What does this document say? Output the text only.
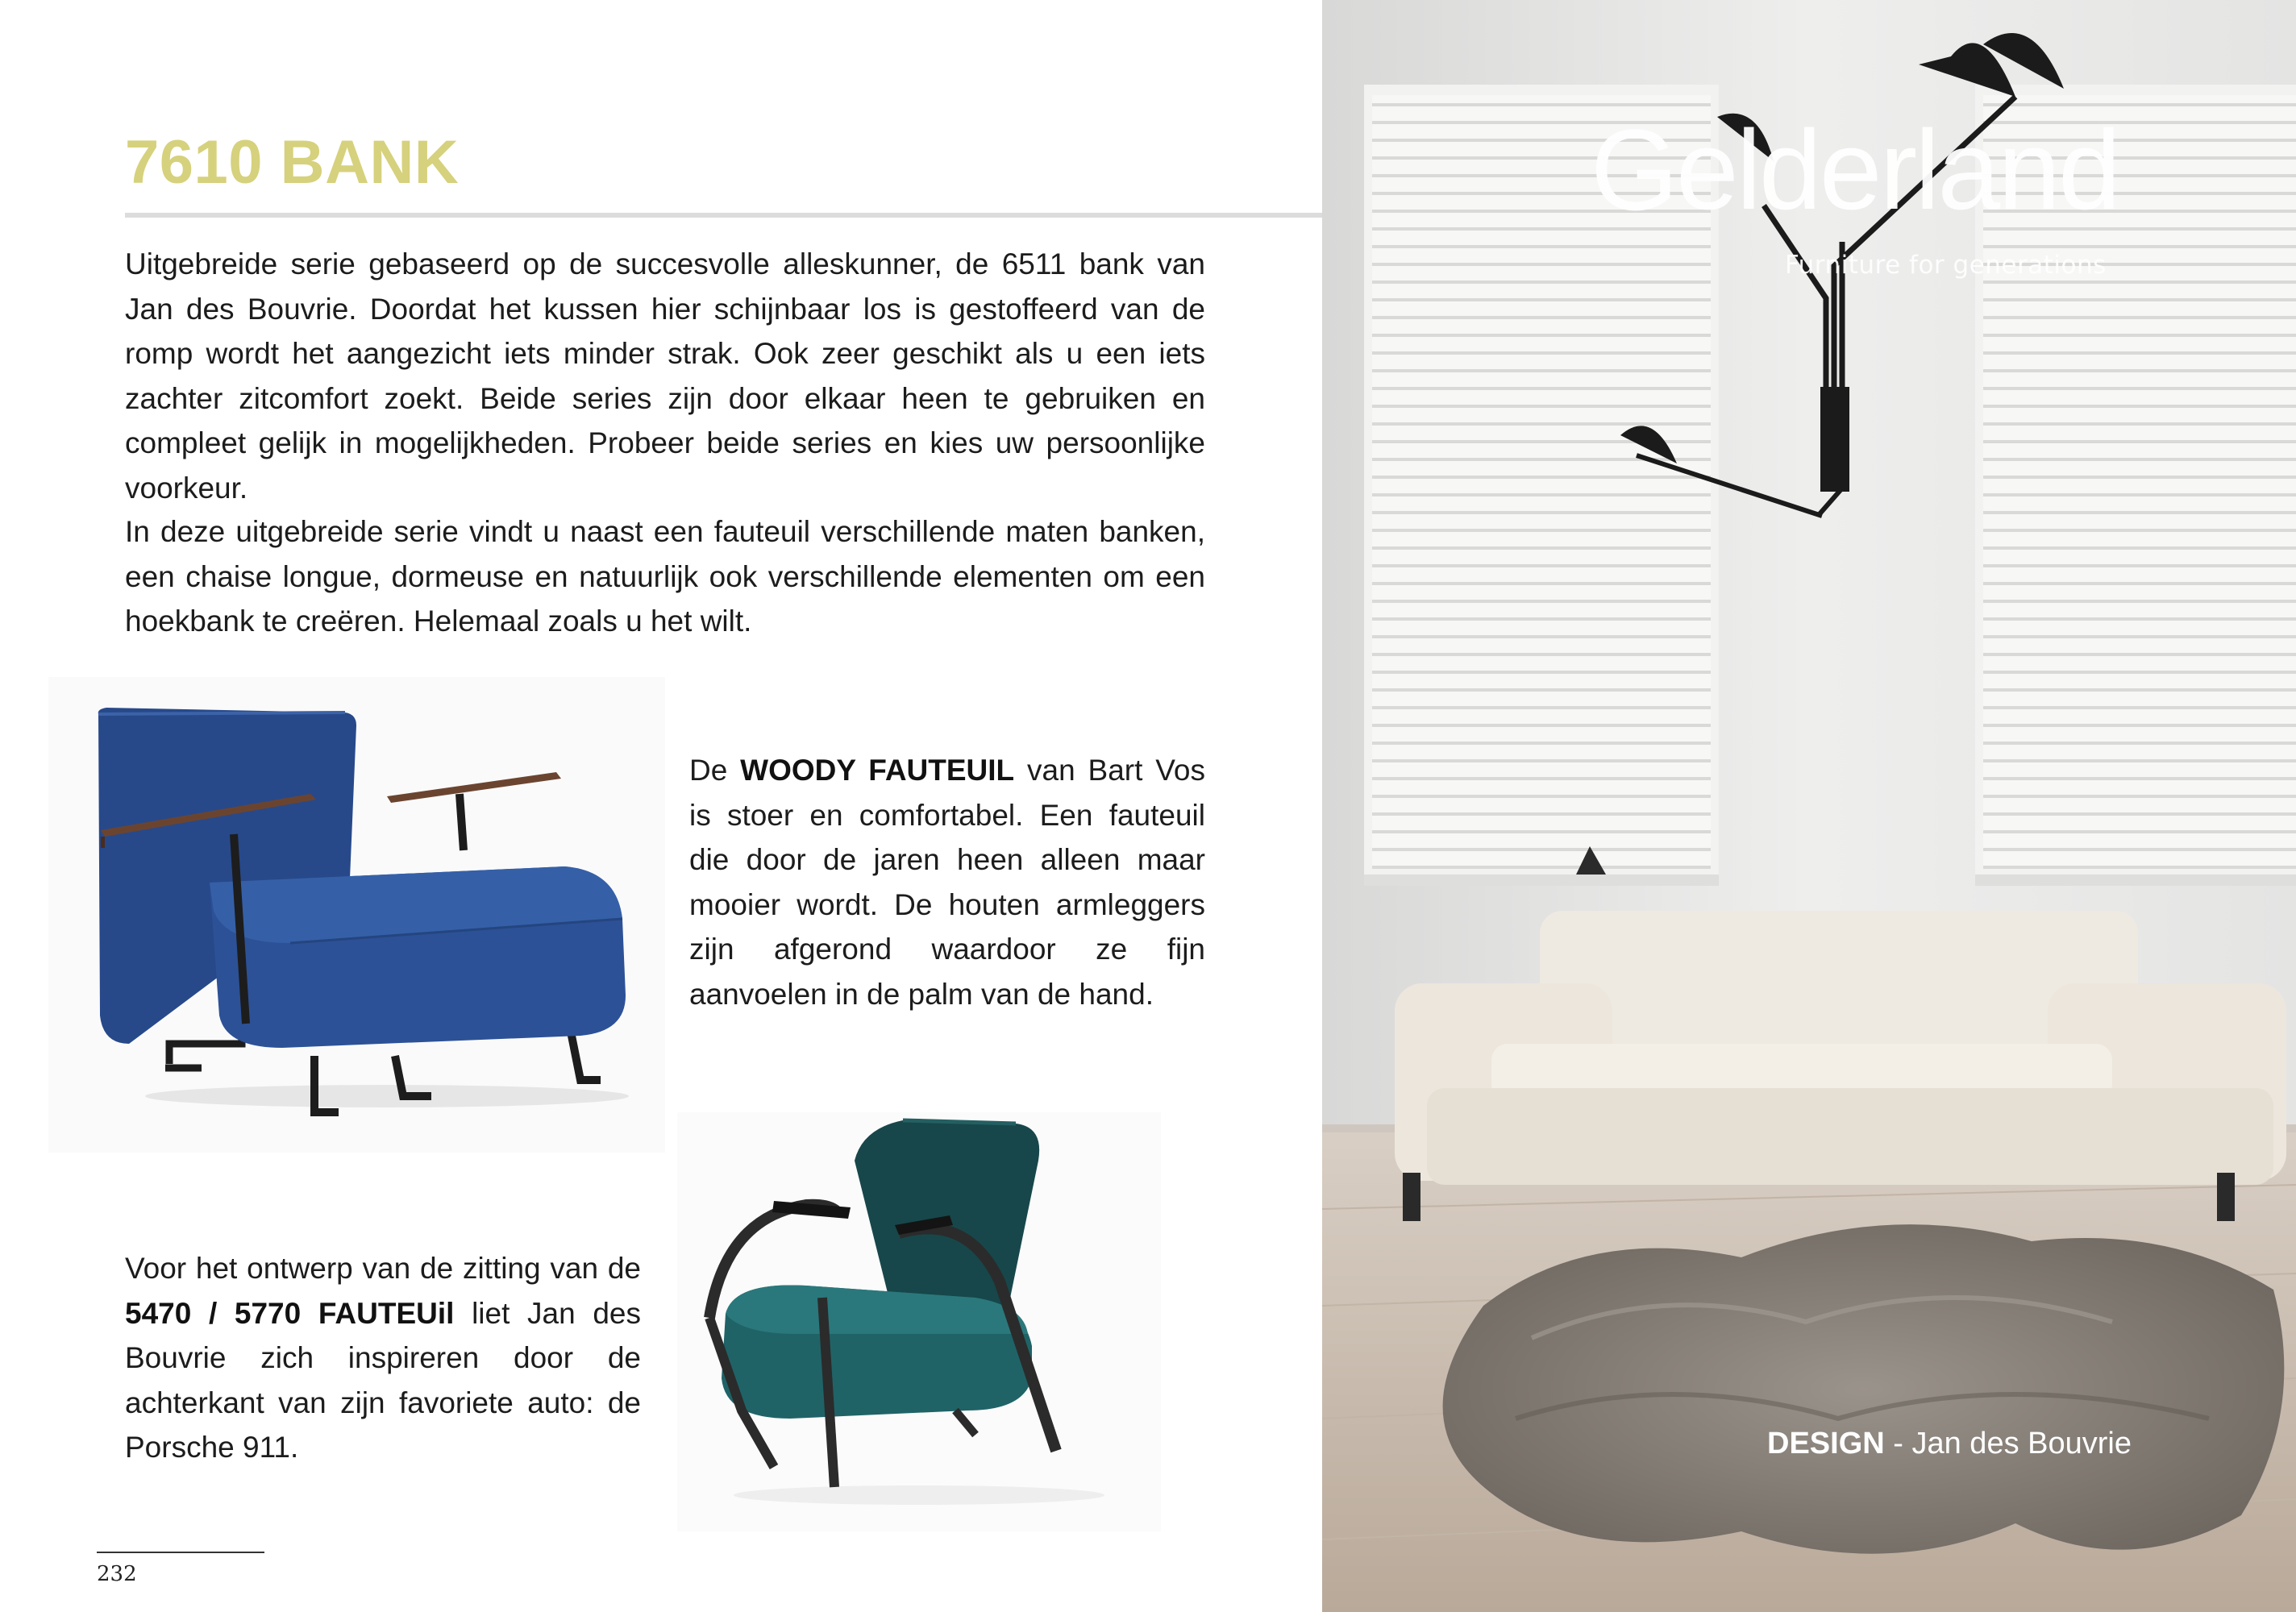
7610 BANK

Uitgebreide serie gebaseerd op de succesvolle alleskunner, de 6511 bank van Jan des Bouvrie. Doordat het kussen hier schijnbaar los is gestoffeerd van de romp wordt het aangezicht iets minder strak. Ook zeer geschikt als u een iets zachter zitcomfort zoekt. Beide series zijn door elkaar heen te gebruiken en compleet gelijk in mogelijkheden. Probeer beide series en kies uw persoonlijke voorkeur.

In deze uitgebreide serie vindt u naast een fauteuil verschillende maten banken, een chaise longue, dormeuse en natuurlijk ook verschillende elementen om een hoekbank te creëren. Helemaal zoals u het wilt.

De WOODY FAUTEUIL van Bart Vos is stoer en comfortabel. Een fauteuil die door de jaren heen alleen maar mooier wordt. De houten armleggers zijn afgerond waardoor ze fijn aanvoelen in de palm van de hand.

Voor het ontwerp van de zitting van de 5470 / 5770 FAUTEUil liet Jan des Bouvrie zich inspireren door de achterkant van zijn favoriete auto: de Porsche 911.

232
Gelderland
Furniture for generations
DESIGN - Jan des Bouvrie
